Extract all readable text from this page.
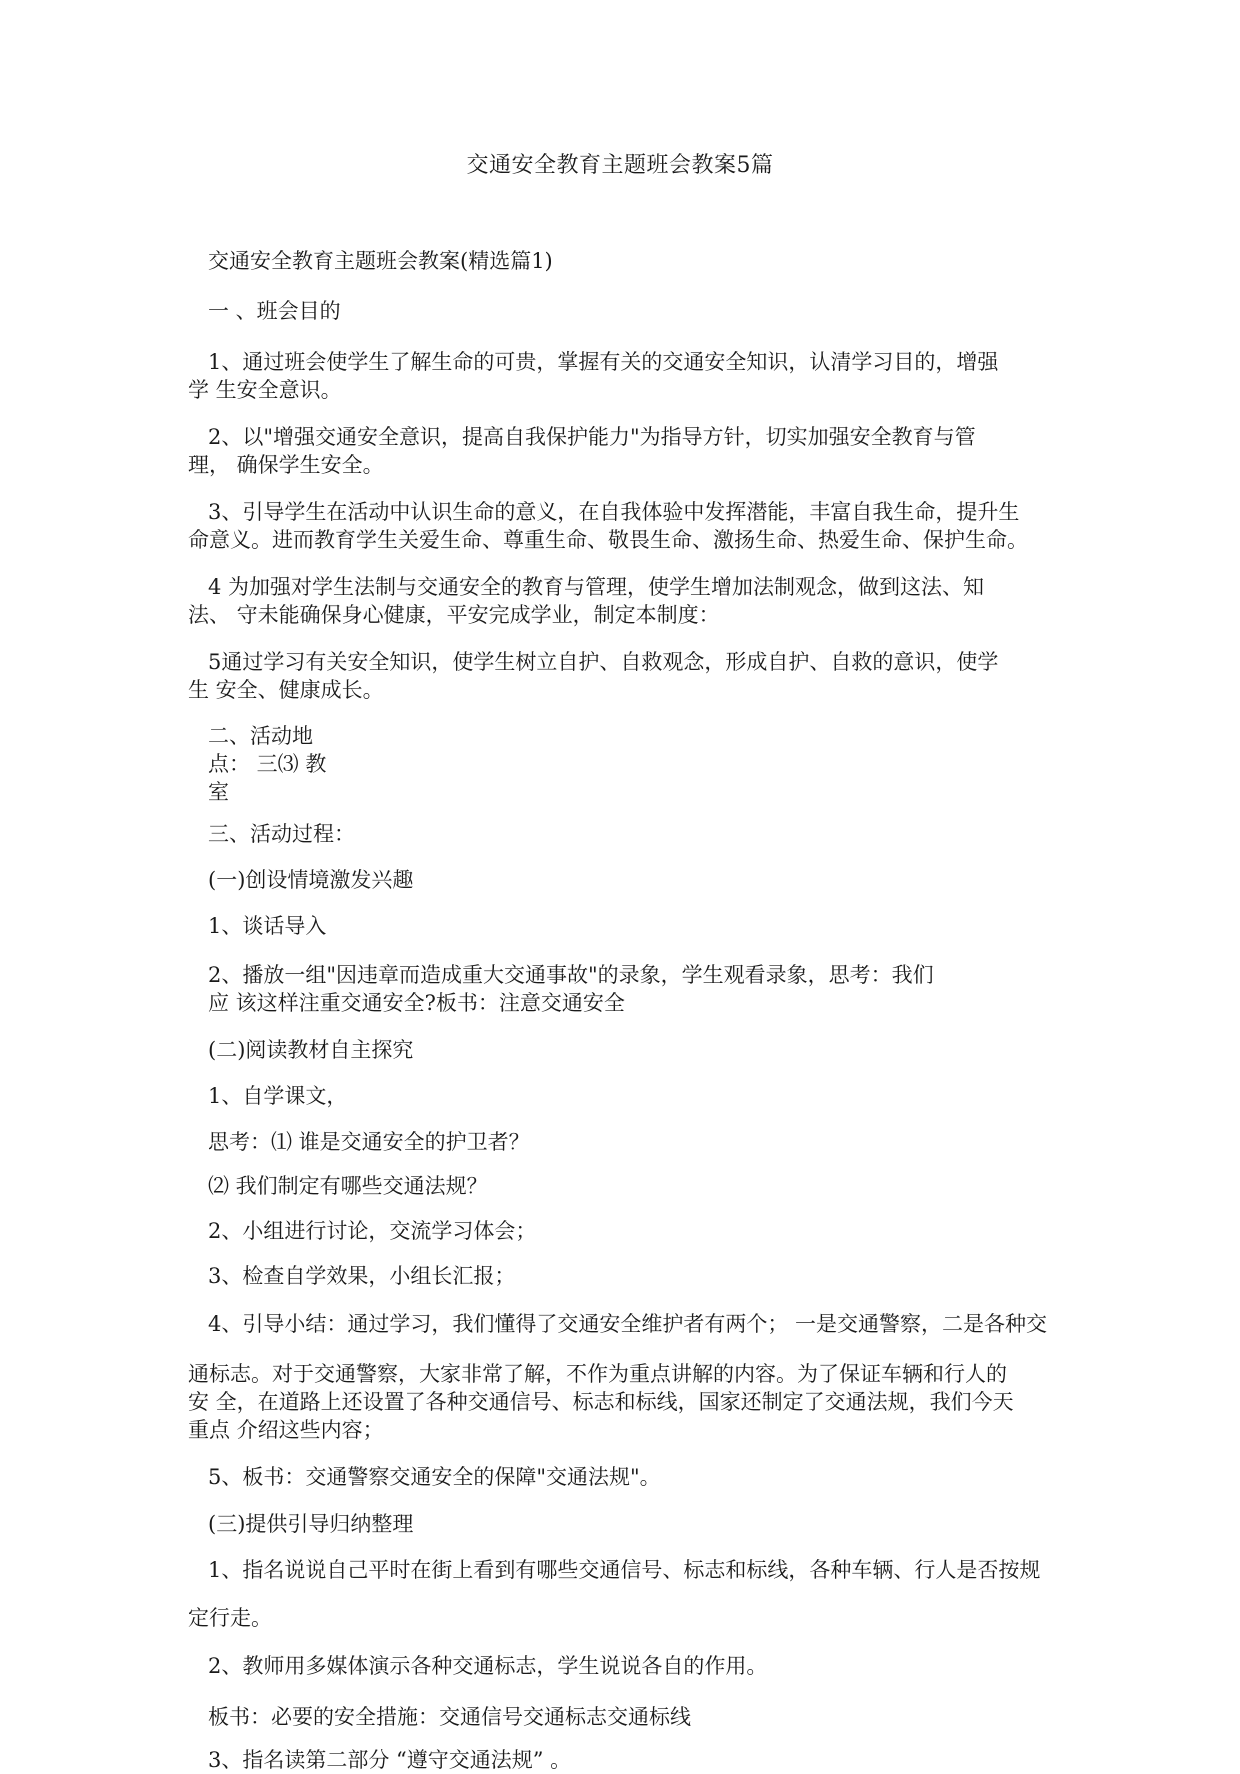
交通安全教育主题班会教案5篇
交通安全教育主题班会教案(精选篇1)
一 、班会目的
1、通过班会使学生了解生命的可贵，掌握有关的交通安全知识，认清学习目的，增强
学 生安全意识。
2、以"增强交通安全意识，提高自我保护能力"为指导方针，切实加强安全教育与管
理， 确保学生安全。
3、引导学生在活动中认识生命的意义，在自我体验中发挥潜能，丰富自我生命，提升生
命意义。进而教育学生关爱生命、尊重生命、敬畏生命、激扬生命、热爱生命、保护生命。
4 为加强对学生法制与交通安全的教育与管理，使学生增加法制观念，做到这法、知
法、 守未能确保身心健康，平安完成学业，制定本制度：
5通过学习有关安全知识，使学生树立自护、自救观念，形成自护、自救的意识，使学
生 安全、健康成长。
二、活动地
点： 三⑶ 教
室
三、活动过程：
(一)创设情境激发兴趣
1、谈话导入
2、播放一组"因违章而造成重大交通事故"的录象，学生观看录象，思考：我们
应 该这样注重交通安全?板书：注意交通安全
(二)阅读教材自主探究
1、自学课文，
思考：⑴ 谁是交通安全的护卫者？
⑵ 我们制定有哪些交通法规？
2、小组进行讨论，交流学习体会；
3、检查自学效果，小组长汇报；
4、引导小结：通过学习，我们懂得了交通安全维护者有两个； 一是交通警察，二是各种交
通标志。对于交通警察，大家非常了解，不作为重点讲解的内容。为了保证车辆和行人的
安 全，在道路上还设置了各种交通信号、标志和标线，国家还制定了交通法规，我们今天
重点 介绍这些内容；
5、板书：交通警察交通安全的保障"交通法规"。
(三)提供引导归纳整理
1、指名说说自己平时在街上看到有哪些交通信号、标志和标线，各种车辆、行人是否按规
定行走。
2、教师用多媒体演示各种交通标志，学生说说各自的作用。
板书：必要的安全措施：交通信号交通标志交通标线
3、指名读第二部分 “遵守交通法规” 。
